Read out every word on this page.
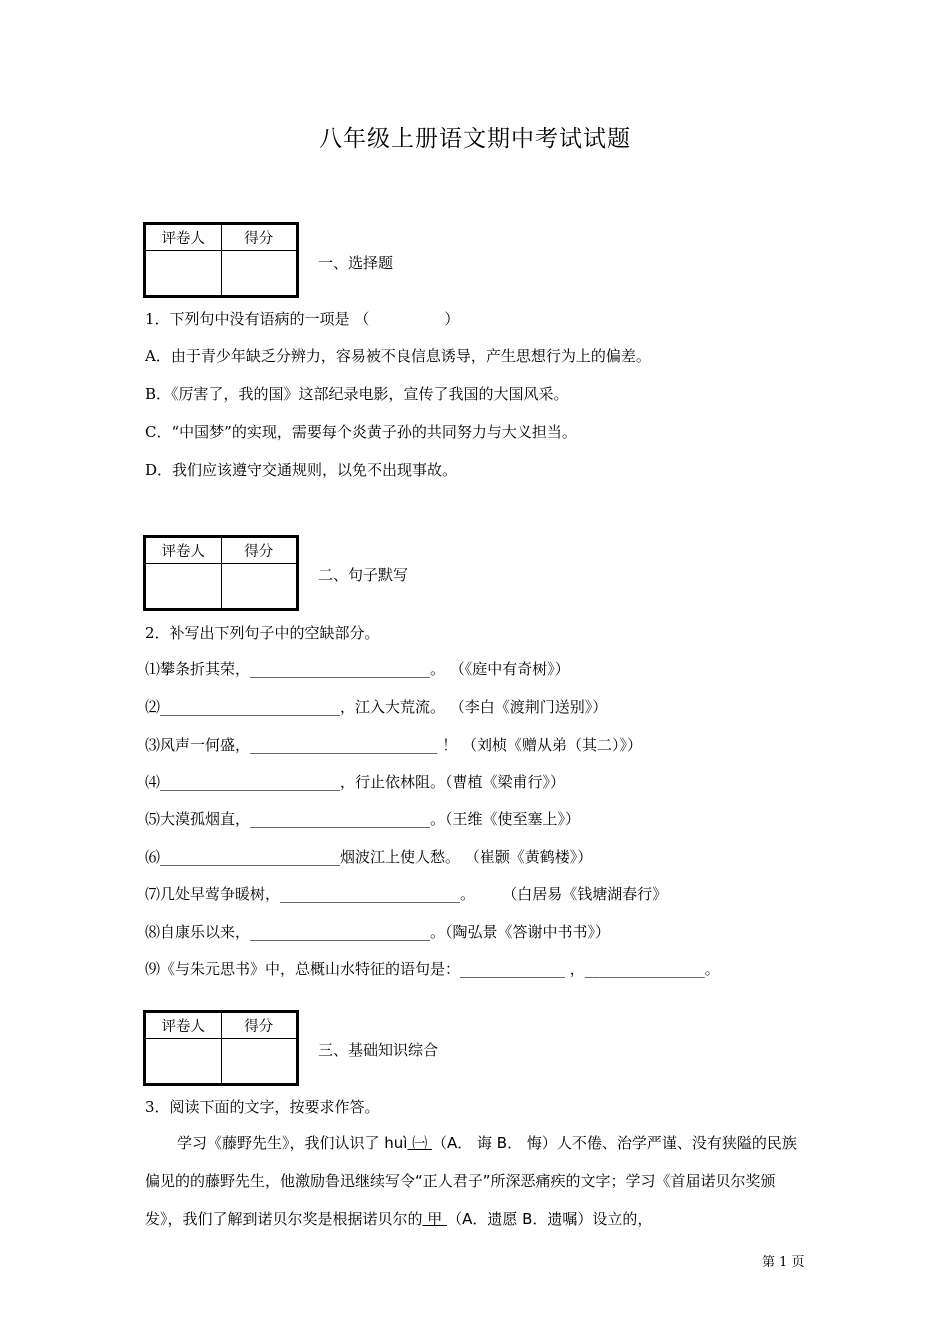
八年级上册语文期中考试试题
评卷人	得分

一、选择题
1．下列句中没有语病的一项是 （　　　　　）
A．由于青少年缺乏分辨力，容易被不良信息诱导，产生思想行为上的偏差。
B．《厉害了，我的国》这部纪录电影，宣传了我国的大国风采。
C．“中国梦”的实现，需要每个炎黄子孙的共同努力与大义担当。
D．我们应该遵守交通规则，以免不出现事故。
评卷人	得分

二、句子默写
2．补写出下列句子中的空缺部分。
⑴攀条折其荣，________________________。 （《庭中有奇树》）
⑵________________________，江入大荒流。 （李白《渡荆门送别》）
⑶风声一何盛，_________________________ ！ （刘桢《赠从弟（其二）》）
⑷________________________，行止依林阻。（曹植《梁甫行》）
⑸大漠孤烟直，________________________。（王维《使至塞上》）
⑹________________________烟波江上使人愁。 （崔颢《黄鹤楼》）
⑺几处早莺争暖树，________________________。　　 （白居易《钱塘湖春行》
⑻自康乐以来，________________________。（陶弘景《答谢中书书》）
⑼《与朱元思书》中，总概山水特征的语句是：______________ ，________________。
评卷人	得分

三、基础知识综合
3．阅读下面的文字，按要求作答。
学习《藤野先生》，我们认识了 huì ㈠ （A． 诲 B． 悔）人不倦、治学严谨、没有狭隘的民族偏见的的藤野先生，他激励鲁迅继续写令“正人君子”所深恶痛疾的文字；学习《首届诺贝尔奖颁发》，我们了解到诺贝尔奖是根据诺贝尔的 甲 （A．遗愿 B．遗嘱）设立的，
第 1 页
